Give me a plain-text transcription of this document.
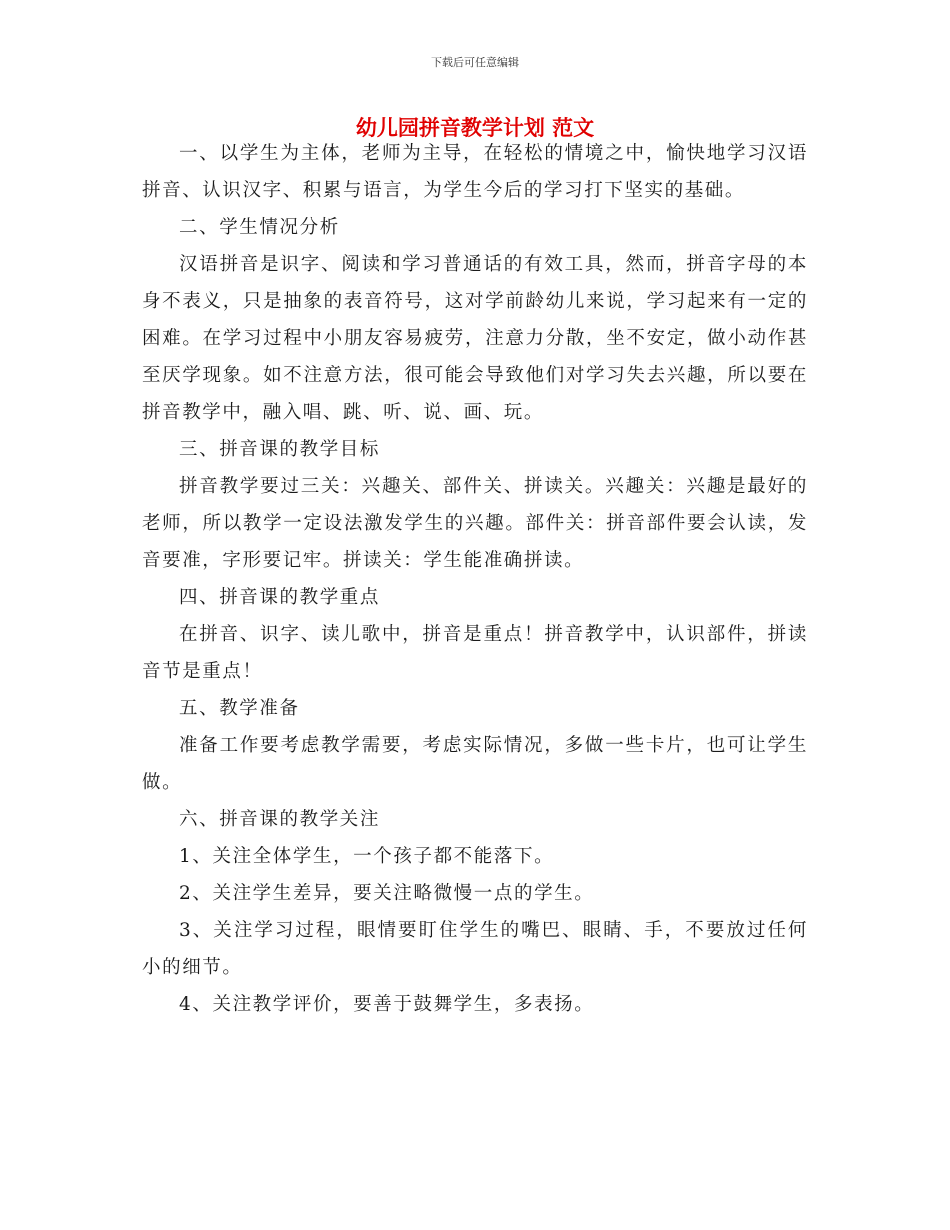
下载后可任意编辑
幼儿园拼音教学计划 范文

一、以学生为主体，老师为主导，在轻松的情境之中，愉快地学习汉语拼音、认识汉字、积累与语言，为学生今后的学习打下坚实的基础。

二、学生情况分析

汉语拼音是识字、阅读和学习普通话的有效工具，然而，拼音字母的本身不表义，只是抽象的表音符号，这对学前龄幼儿来说，学习起来有一定的困难。在学习过程中小朋友容易疲劳，注意力分散，坐不安定，做小动作甚至厌学现象。如不注意方法，很可能会导致他们对学习失去兴趣，所以要在拼音教学中，融入唱、跳、听、说、画、玩。

三、拼音课的教学目标

拼音教学要过三关：兴趣关、部件关、拼读关。兴趣关：兴趣是最好的老师，所以教学一定设法激发学生的兴趣。部件关：拼音部件要会认读，发音要准，字形要记牢。拼读关：学生能准确拼读。

四、拼音课的教学重点

在拼音、识字、读儿歌中，拼音是重点！拼音教学中，认识部件，拼读音节是重点！

五、教学准备

准备工作要考虑教学需要，考虑实际情况，多做一些卡片，也可让学生做。

六、拼音课的教学关注

1、关注全体学生，一个孩子都不能落下。

2、关注学生差异，要关注略微慢一点的学生。

3、关注学习过程，眼情要盯住学生的嘴巴、眼睛、手，不要放过任何小的细节。

4、关注教学评价，要善于鼓舞学生，多表扬。
